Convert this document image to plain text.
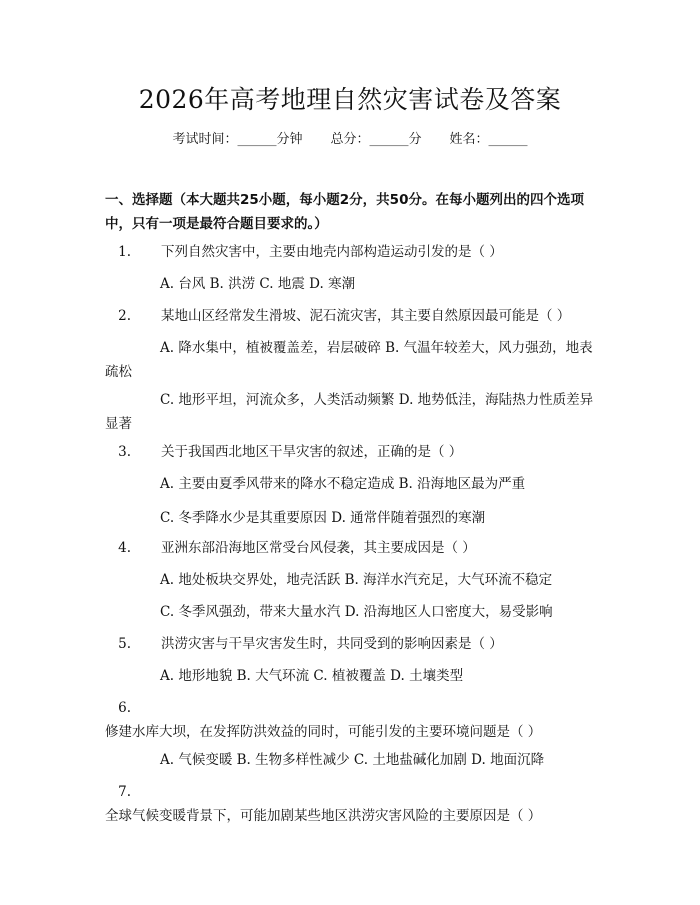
2026年高考地理自然灾害试卷及答案
考试时间：______分钟 总分：______分 姓名：______
一、选择题（本大题共25小题，每小题2分，共50分。在每小题列出的四个选项中，只有一项是最符合题目要求的。）
1. 下列自然灾害中，主要由地壳内部构造运动引发的是（ ）
A. 台风 B. 洪涝 C. 地震 D. 寒潮
2. 某地山区经常发生滑坡、泥石流灾害，其主要自然原因最可能是（ ）
A. 降水集中，植被覆盖差，岩层破碎 B. 气温年较差大，风力强劲，地表疏松
C. 地形平坦，河流众多，人类活动频繁 D. 地势低洼，海陆热力性质差异显著
3. 关于我国西北地区干旱灾害的叙述，正确的是（ ）
A. 主要由夏季风带来的降水不稳定造成 B. 沿海地区最为严重
C. 冬季降水少是其重要原因 D. 通常伴随着强烈的寒潮
4. 亚洲东部沿海地区常受台风侵袭，其主要成因是（ ）
A. 地处板块交界处，地壳活跃 B. 海洋水汽充足，大气环流不稳定
C. 冬季风强劲，带来大量水汽 D. 沿海地区人口密度大，易受影响
5. 洪涝灾害与干旱灾害发生时，共同受到的影响因素是（ ）
A. 地形地貌 B. 大气环流 C. 植被覆盖 D. 土壤类型
6.修建水库大坝，在发挥防洪效益的同时，可能引发的主要环境问题是（ ）
A. 气候变暖 B. 生物多样性减少 C. 土地盐碱化加剧 D. 地面沉降
7.全球气候变暖背景下，可能加剧某些地区洪涝灾害风险的主要原因是（ ）
